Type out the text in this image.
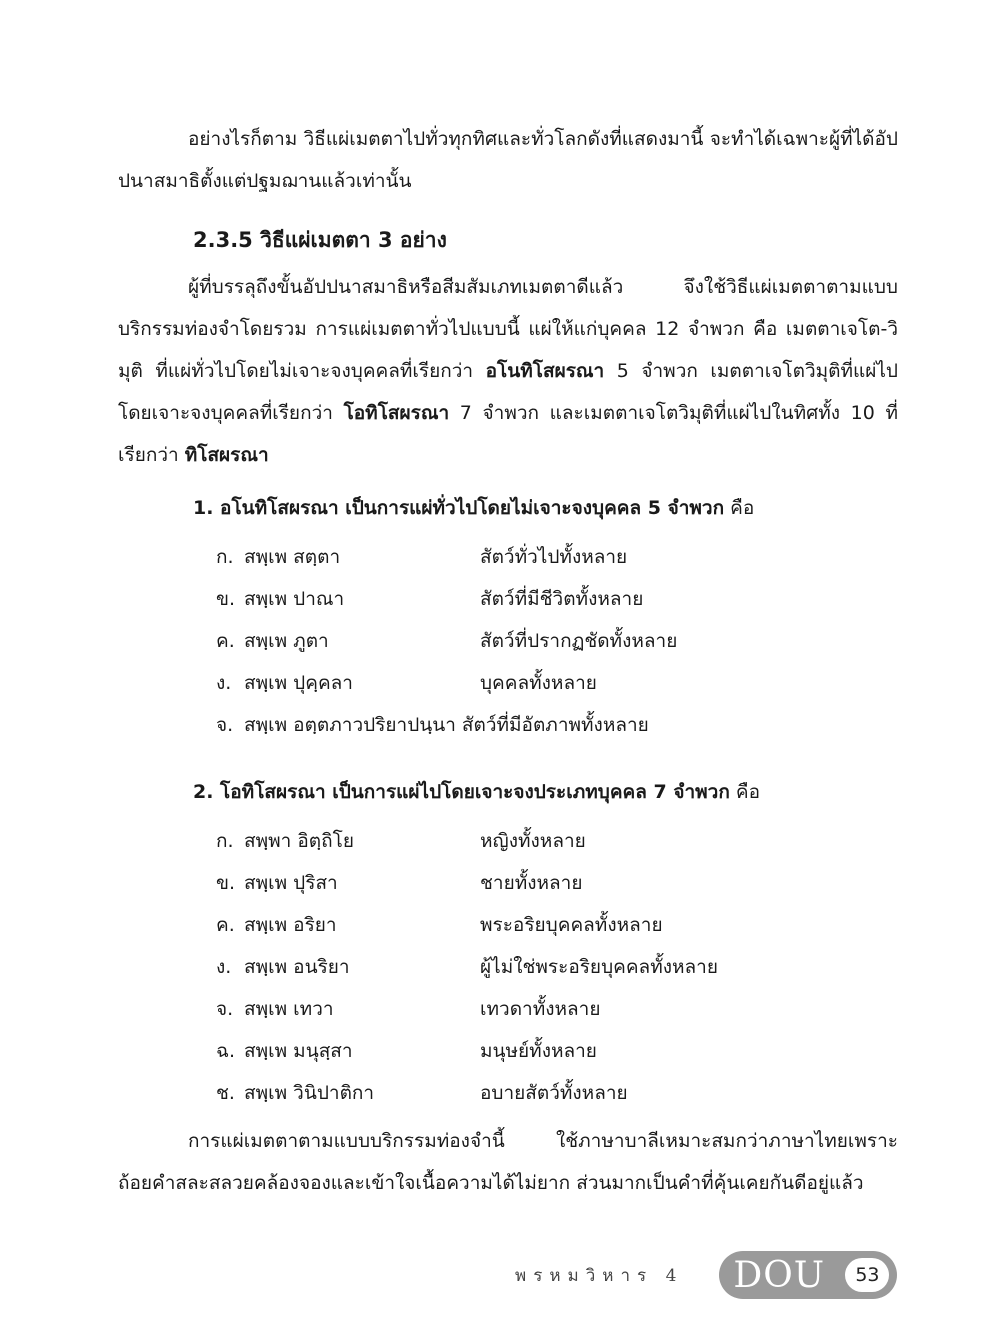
อย่างไรก็ตาม วิธีแผ่เมตตาไปทั่วทุกทิศและทั่วโลกดังที่แสดงมานี้ จะทำได้เฉพาะผู้ที่ได้อัปปนาสมาธิตั้งแต่ปฐมฌานแล้วเท่านั้น

2.3.5 วิธีแผ่เมตตา 3 อย่าง

ผู้ที่บรรลุถึงขั้นอัปปนาสมาธิหรือสีมสัมเภทเมตตาดีแล้ว จึงใช้วิธีแผ่เมตตาตามแบบบริกรรมท่องจำโดยรวม การแผ่เมตตาทั่วไปแบบนี้ แผ่ให้แก่บุคคล 12 จำพวก คือ เมตตาเจโต-วิมุติ ที่แผ่ทั่วไปโดยไม่เจาะจงบุคคลที่เรียกว่า อโนทิโสผรณา 5 จำพวก เมตตาเจโตวิมุติที่แผ่ไปโดยเจาะจงบุคคลที่เรียกว่า โอทิโสผรณา 7 จำพวก และเมตตาเจโตวิมุติที่แผ่ไปในทิศทั้ง 10 ที่เรียกว่า ทิโสผรณา

1. อโนทิโสผรณา เป็นการแผ่ทั่วไปโดยไม่เจาะจงบุคคล 5 จำพวก คือ
ก. สพฺเพ สตฺตา	สัตว์ทั่วไปทั้งหลาย
ข. สพฺเพ ปาณา	สัตว์ที่มีชีวิตทั้งหลาย
ค. สพฺเพ ภูตา	สัตว์ที่ปรากฏชัดทั้งหลาย
ง. สพฺเพ ปุคฺคลา	บุคคลทั้งหลาย
จ. สพฺเพ อตฺตภาวปริยาปนฺนา สัตว์ที่มีอัตภาพทั้งหลาย
2. โอทิโสผรณา เป็นการแผ่ไปโดยเจาะจงประเภทบุคคล 7 จำพวก คือ
ก. สพฺพา อิตฺถิโย	หญิงทั้งหลาย
ข. สพฺเพ ปุริสา	ชายทั้งหลาย
ค. สพฺเพ อริยา	พระอริยบุคคลทั้งหลาย
ง. สพฺเพ อนริยา	ผู้ไม่ใช่พระอริยบุคคลทั้งหลาย
จ. สพฺเพ เทวา	เทวดาทั้งหลาย
ฉ. สพฺเพ มนุสฺสา	มนุษย์ทั้งหลาย
ช. สพฺเพ วินิปาติกา	อบายสัตว์ทั้งหลาย

การแผ่เมตตาตามแบบบริกรรมท่องจำนี้ ใช้ภาษาบาลีเหมาะสมกว่าภาษาไทยเพราะถ้อยคำสละสลวยคล้องจองและเข้าใจเนื้อความได้ไม่ยาก ส่วนมากเป็นคำที่คุ้นเคยกันดีอยู่แล้ว

พรหมวิหาร 4 DOU	53
